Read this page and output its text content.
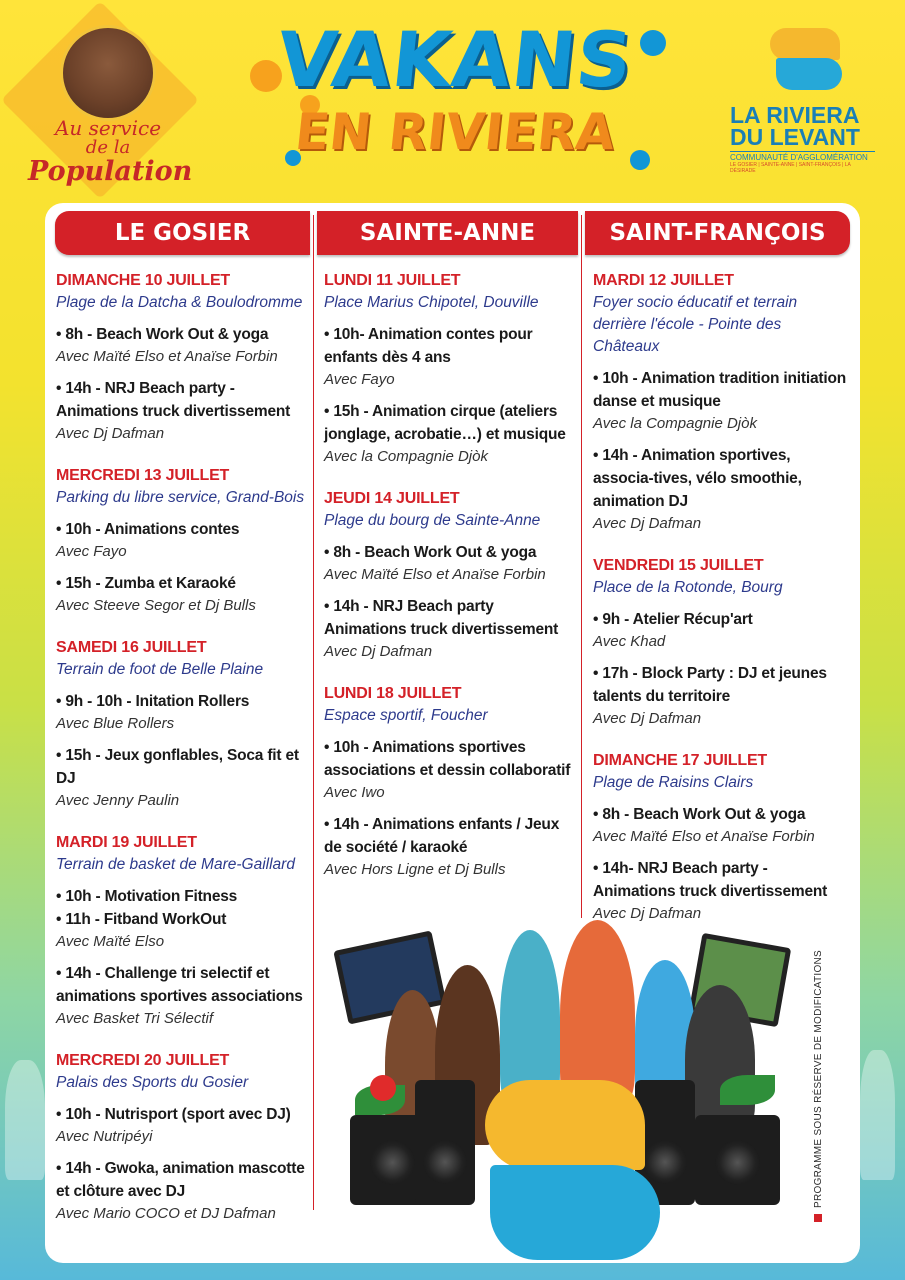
Au service
de la
Population
VAKANS
EN RIVIERA	LA RIVIERA
DU LEVANT
COMMUNAUTÉ D'AGGLOMÉRATION
LE GOSIER | SAINTE-ANNE | SAINT-FRANÇOIS | LA DÉSIRADE
LE GOSIER	SAINTE-ANNE	SAINT-FRANÇOIS
DIMANCHE 10 JUILLET
Plage de la Datcha & Boulodromme
• 8h - Beach Work Out & yoga
Avec Maïté Elso et Anaïse Forbin
• 14h - NRJ Beach party - Animations truck divertissement
Avec Dj Dafman
MERCREDI 13 JUILLET
Parking du libre service, Grand-Bois
• 10h - Animations contes
Avec Fayo
• 15h - Zumba et Karaoké
Avec Steeve Segor et Dj Bulls
SAMEDI 16 JUILLET
Terrain de foot de Belle Plaine
• 9h - 10h - Initation Rollers
Avec Blue Rollers
• 15h - Jeux gonflables, Soca fit et DJ
Avec Jenny Paulin
MARDI 19 JUILLET
Terrain de basket de Mare-Gaillard
• 10h - Motivation Fitness
• 11h - Fitband WorkOut
Avec Maïté Elso
• 14h - Challenge tri selectif et animations sportives associations
Avec Basket Tri Sélectif
MERCREDI 20 JUILLET
Palais des Sports du Gosier
• 10h - Nutrisport (sport avec DJ)
Avec Nutripéyi
• 14h - Gwoka, animation mascotte et clôture avec DJ
Avec Mario COCO et DJ Dafman
LUNDI 11 JUILLET
Place Marius Chipotel, Douville
• 10h- Animation contes pour enfants dès 4 ans
Avec Fayo
• 15h - Animation cirque (ateliers jonglage, acrobatie…) et musique
Avec la Compagnie Djòk
JEUDI 14 JUILLET
Plage du bourg de Sainte-Anne
• 8h - Beach Work Out & yoga
Avec Maïté Elso et Anaïse Forbin
• 14h - NRJ Beach party Animations truck divertissement
Avec Dj Dafman
LUNDI 18 JUILLET
Espace sportif, Foucher
• 10h - Animations sportives associations et dessin collaboratif
Avec Iwo
• 14h - Animations enfants / Jeux de société / karaoké
Avec Hors Ligne et Dj Bulls
MARDI 12 JUILLET
Foyer socio éducatif et terrain derrière l'école - Pointe des Châteaux
• 10h - Animation tradition initiation danse et musique
Avec la Compagnie Djòk
• 14h - Animation sportives, associa-tives, vélo smoothie, animation DJ
Avec Dj Dafman
VENDREDI 15 JUILLET
Place de la Rotonde, Bourg
• 9h - Atelier Récup'art
Avec Khad
• 17h - Block Party : DJ et jeunes talents du territoire
Avec Dj Dafman
DIMANCHE 17 JUILLET
Plage de Raisins Clairs
• 8h - Beach Work Out & yoga
Avec Maïté Elso et Anaïse Forbin
• 14h- NRJ Beach party - Animations truck divertissement
Avec Dj Dafman
PROGRAMME SOUS RÉSERVE DE MODIFICATIONS
